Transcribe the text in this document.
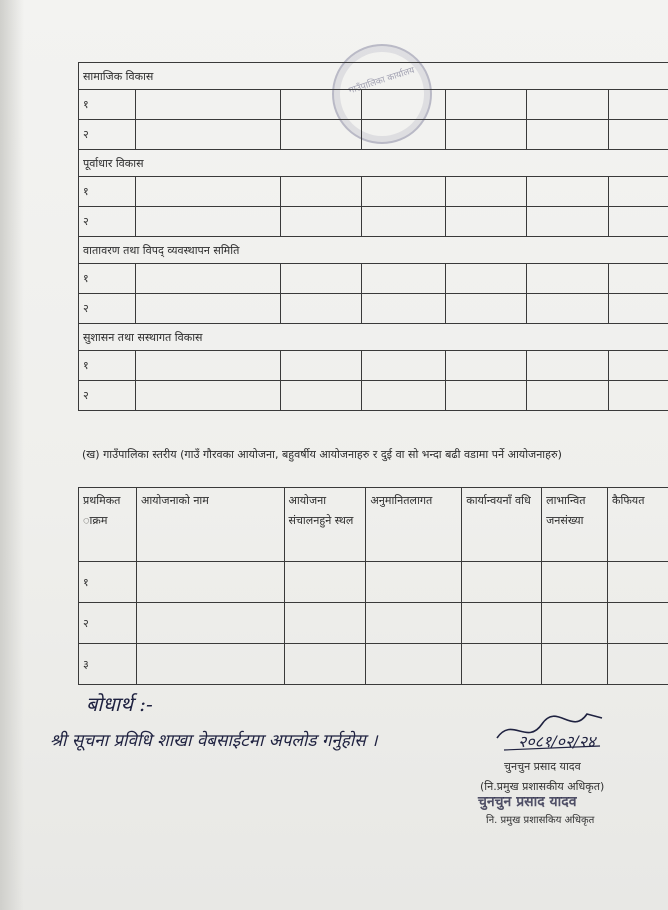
गाउँपालिका कार्यालय
सामाजिक विकास						
१						
२						
पूर्वाधार विकास						
१						
२						
वातावरण तथा विपद् व्यवस्थापन समिति						
१						
२						
सुशासन तथा सस्थागत विकास						
१						
२						
(ख) गाउँपालिका स्तरीय (गाउँ गौरवका आयोजना, बहुवर्षीय आयोजनाहरु र दुई वा सो भन्दा बढी वडामा पर्ने आयोजनाहरु)
प्रथमिकत ाक्रम	आयोजनाको नाम	आयोजना संचालनहुने स्थल	अनुमानितलागत	कार्यान्वयनाँ वधि	लाभान्वित जनसंख्या	कैफियत
१						
२						
३						
बोधार्थ :-
श्री सूचना प्रविधि शाखा वेबसाईटमा अपलोड गर्नुहोस ।	२०८१/०२/२४
चुनचुन प्रसाद यादव
(नि.प्रमुख प्रशासकीय अधिकृत)
चुनचुन प्रसाद यादव
नि. प्रमुख प्रशासकिय अधिकृत
